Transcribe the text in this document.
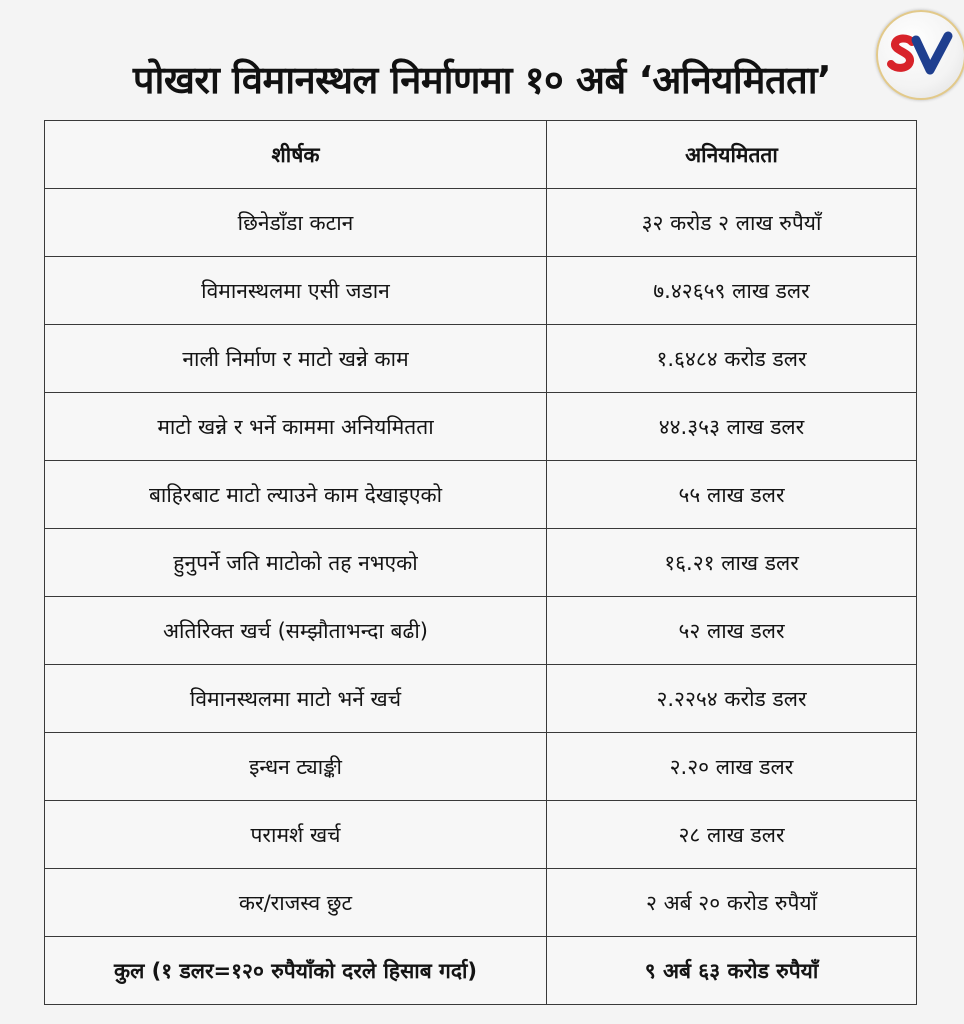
पोखरा विमानस्थल निर्माणमा १० अर्ब ‘अनियमितता’
शीर्षक	अनियमितता
छिनेडाँडा कटान	३२ करोड २ लाख रुपैयाँ
विमानस्थलमा एसी जडान	७.४२६५९ लाख डलर
नाली निर्माण र माटो खन्ने काम	१.६४८४ करोड डलर
माटो खन्ने र भर्ने काममा अनियमितता	४४.३५३ लाख डलर
बाहिरबाट माटो ल्याउने काम देखाइएको	५५ लाख डलर
हुनुपर्ने जति माटोको तह नभएको	१६.२१ लाख डलर
अतिरिक्त खर्च (सम्झौताभन्दा बढी)	५२ लाख डलर
विमानस्थलमा माटो भर्ने खर्च	२.२२५४ करोड डलर
इन्धन ट्याङ्की	२.२० लाख डलर
परामर्श खर्च	२८ लाख डलर
कर/राजस्व छुट	२ अर्ब २० करोड रुपैयाँ
कुल (१ डलर=१२० रुपैयाँको दरले हिसाब गर्दा)	९ अर्ब ६३ करोड रुपैयाँ
